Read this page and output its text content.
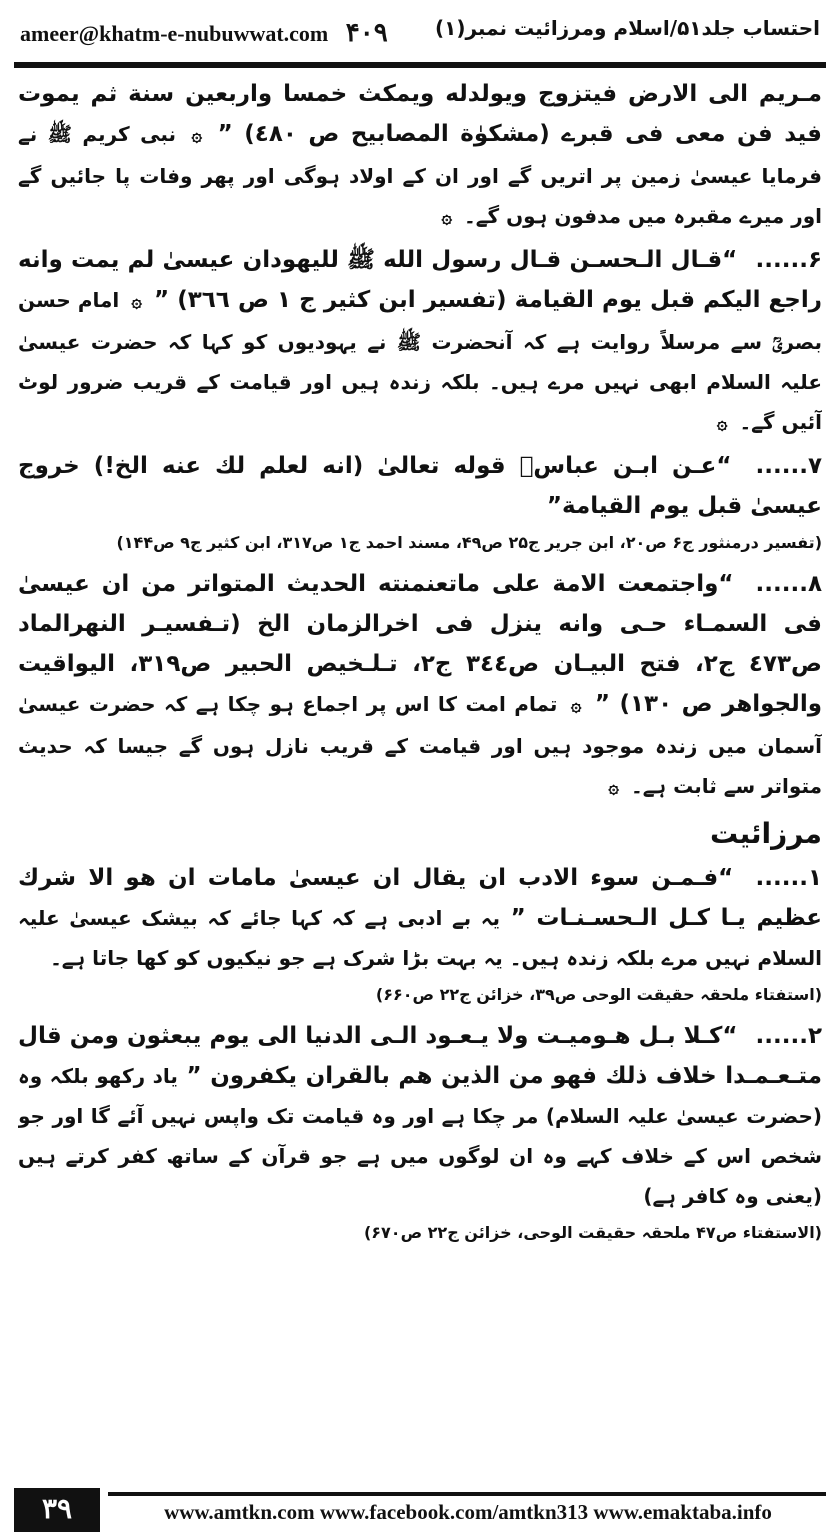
ameer@khatm-e-nubuwwat.com ۴۰۹ احتساب جلد۵۱/اسلام ومرزائیت نمبر(۱)

مـريم الى الارض فيتزوج ويولدله ويمكث خمسا واربعين سنة ثم يموت فيد فن معى فى قبرے (مشكوٰة المصابيح ص ٤٨٠) ” ۞ نبی کریم ﷺ نے فرمایا عیسیٰ زمین پر اتریں گے اور ان کے اولاد ہوگی اور پھر وفات پا جائیں گے اور میرے مقبرہ میں مدفون ہوں گے۔ ۞

۶...... “قـال الـحسـن قـال رسول الله ﷺ لليهودان عيسىٰ لم يمت وانه راجع اليكم قبل يوم القيامة (تفسير ابن كثير ج ١ ص ٣٦٦) ” ۞ امام حسن بصریؒ سے مرسلاً روایت ہے کہ آنحضرت ﷺ نے یہودیوں کو کہا کہ حضرت عیسیٰ علیہ السلام ابھی نہیں مرے ہیں۔ بلکہ زندہ ہیں اور قیامت کے قریب ضرور لوٹ آئیں گے۔ ۞

۷...... “عـن ابـن عباسؓ قوله تعالىٰ (انه لعلم لك عنه الخ!) خروج عيسىٰ قبل يوم القيامة”

(تفسیر درمنثور ج۶ ص۲۰، ابن جریر ج۲۵ ص۴۹، مسند احمد ج۱ ص۳۱۷، ابن کثیر ج۹ ص۱۴۴)

۸...... “واجتمعت الامة على ماتعنمنته الحديث المتواتر من ان عيسىٰ فى السمـاء حـى وانه ينزل فى اخرالزمان الخ (تـفسيـر النهرالماد ص٤٧٣ ج٢، فتح البيـان ص٣٤٤ ج٢، تـلـخيص الحبير ص٣١٩، اليواقيت والجواهر ص ١٣٠) ” ۞ تمام امت کا اس پر اجماع ہو چکا ہے کہ حضرت عیسیٰ آسمان میں زندہ موجود ہیں اور قیامت کے قریب نازل ہوں گے جیسا کہ حدیث متواتر سے ثابت ہے۔ ۞

مرزائیت

۱...... “فـمـن سوء الادب ان يقال ان عيسىٰ مامات ان هو الا شرك عظيم يـا كـل الـحسـنـات ” یہ بے ادبی ہے کہ کہا جائے کہ بیشک عیسیٰ علیہ السلام نہیں مرے بلکہ زندہ ہیں۔ یہ بہت بڑا شرک ہے جو نیکیوں کو کھا جاتا ہے۔

(استفتاء ملحقہ حقیقت الوحی ص۳۹، خزائن ج۲۲ ص۶۶۰)

۲...... “كـلا بـل هـوميـت ولا يـعـود الـى الدنيا الى يوم يبعثون ومن قال متـعـمـدا خلاف ذلك فهو من الذين هم بالقران يكفرون ” یاد رکھو بلکہ وہ (حضرت عیسیٰ علیہ السلام) مر چکا ہے اور وہ قیامت تک واپس نہیں آئے گا اور جو شخص اس کے خلاف کہے وہ ان لوگوں میں ہے جو قرآن کے ساتھ کفر کرتے ہیں (یعنی وہ کافر ہے)

(الاستفتاء ص۴۷ ملحقہ حقیقت الوحی، خزائن ج۲۲ ص۶۷۰)

۳۹	www.amtkn.com www.facebook.com/amtkn313 www.emaktaba.info
